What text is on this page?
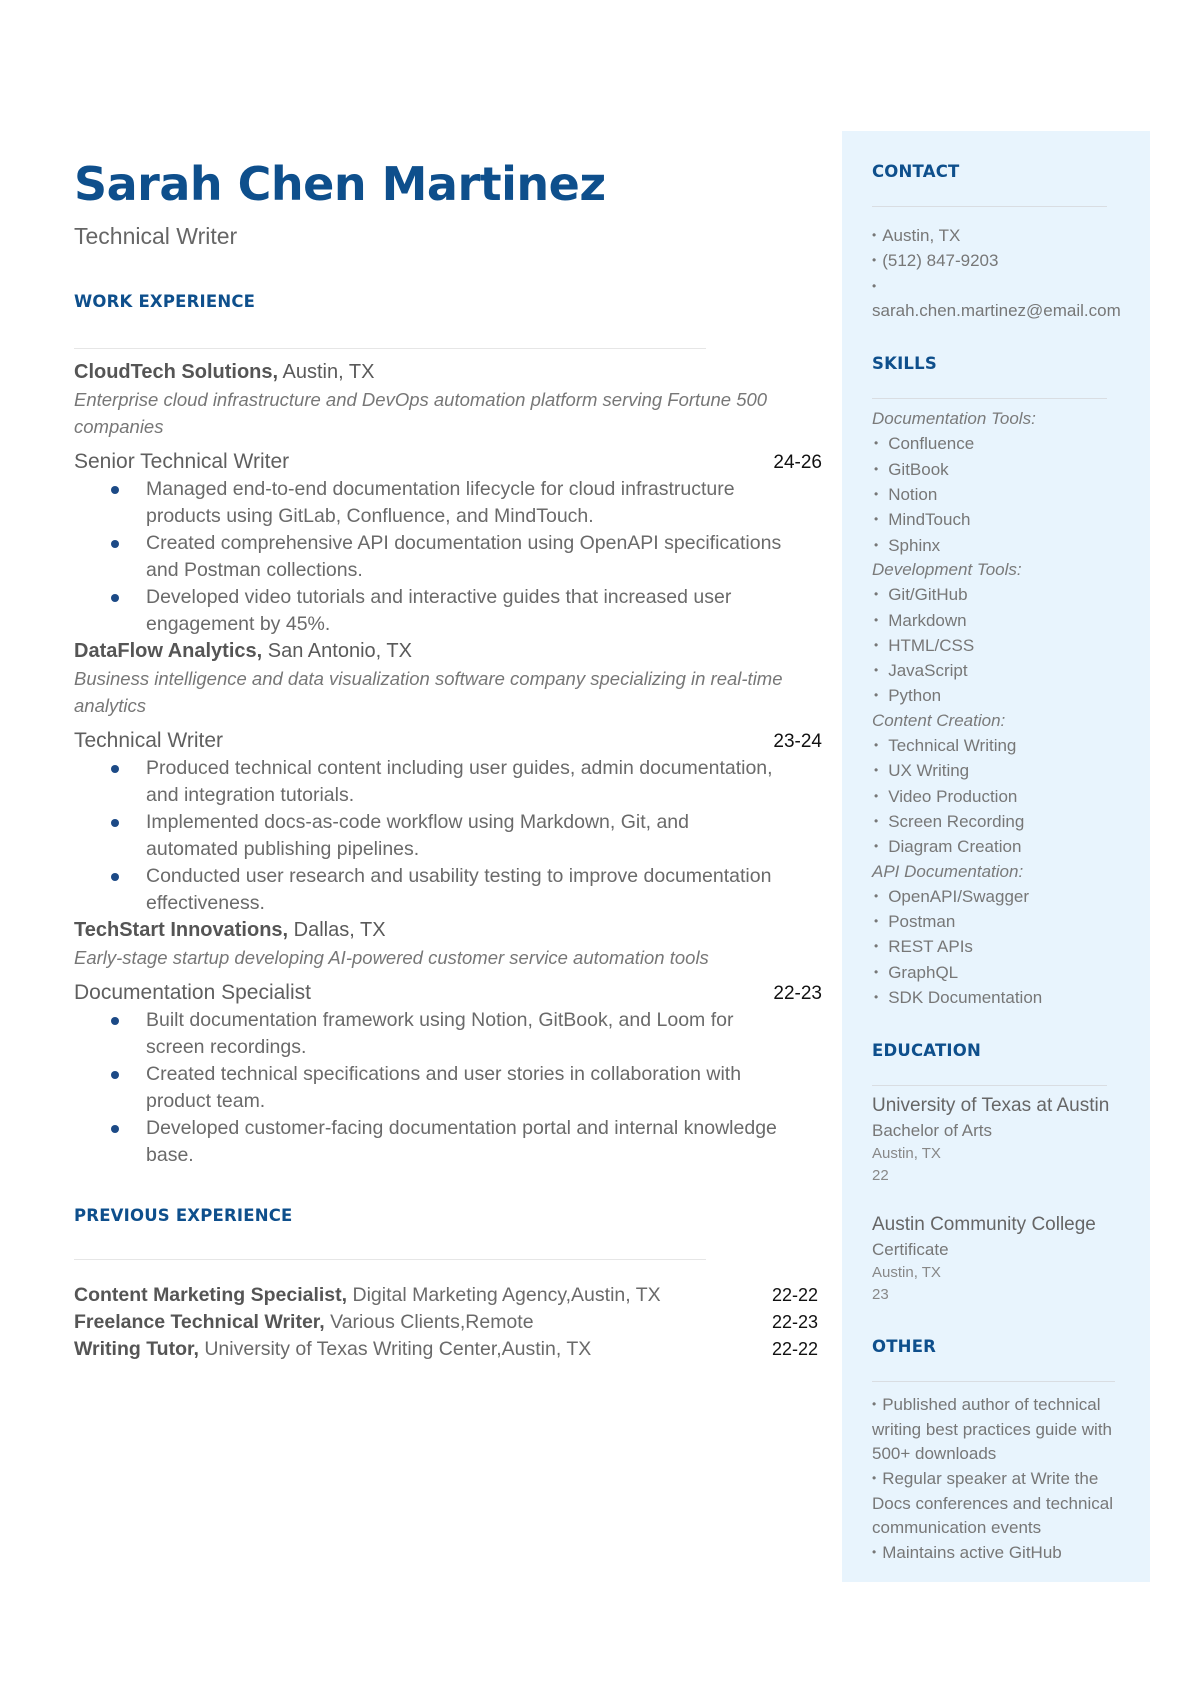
Sarah Chen Martinez
Technical Writer
WORK EXPERIENCE
CloudTech Solutions, Austin, TX
Enterprise cloud infrastructure and DevOps automation platform serving Fortune 500 companies
Senior Technical Writer	24-26
Managed end-to-end documentation lifecycle for cloud infrastructure products using GitLab, Confluence, and MindTouch.
Created comprehensive API documentation using OpenAPI specifications and Postman collections.
Developed video tutorials and interactive guides that increased user engagement by 45%.
DataFlow Analytics, San Antonio, TX
Business intelligence and data visualization software company specializing in real-time analytics
Technical Writer	23-24
Produced technical content including user guides, admin documentation, and integration tutorials.
Implemented docs-as-code workflow using Markdown, Git, and automated publishing pipelines.
Conducted user research and usability testing to improve documentation effectiveness.
TechStart Innovations, Dallas, TX
Early-stage startup developing AI-powered customer service automation tools
Documentation Specialist	22-23
Built documentation framework using Notion, GitBook, and Loom for screen recordings.
Created technical specifications and user stories in collaboration with product team.
Developed customer-facing documentation portal and internal knowledge base.
PREVIOUS EXPERIENCE
Content Marketing Specialist, Digital Marketing Agency,Austin, TX	22-22
Freelance Technical Writer, Various Clients,Remote	22-23
Writing Tutor, University of Texas Writing Center,Austin, TX	22-22
CONTACT
• Austin, TX
• (512) 847-9203
•
sarah.chen.martinez@email.com
SKILLS
Documentation Tools:
• Confluence
• GitBook
• Notion
• MindTouch
• Sphinx
Development Tools:
• Git/GitHub
• Markdown
• HTML/CSS
• JavaScript
• Python
Content Creation:
• Technical Writing
• UX Writing
• Video Production
• Screen Recording
• Diagram Creation
API Documentation:
• OpenAPI/Swagger
• Postman
• REST APIs
• GraphQL
• SDK Documentation
EDUCATION
University of Texas at Austin
Bachelor of Arts
Austin, TX
22
Austin Community College
Certificate
Austin, TX
23
OTHER
• Published author of technical writing best practices guide with 500+ downloads
• Regular speaker at Write the Docs conferences and technical communication events
• Maintains active GitHub
